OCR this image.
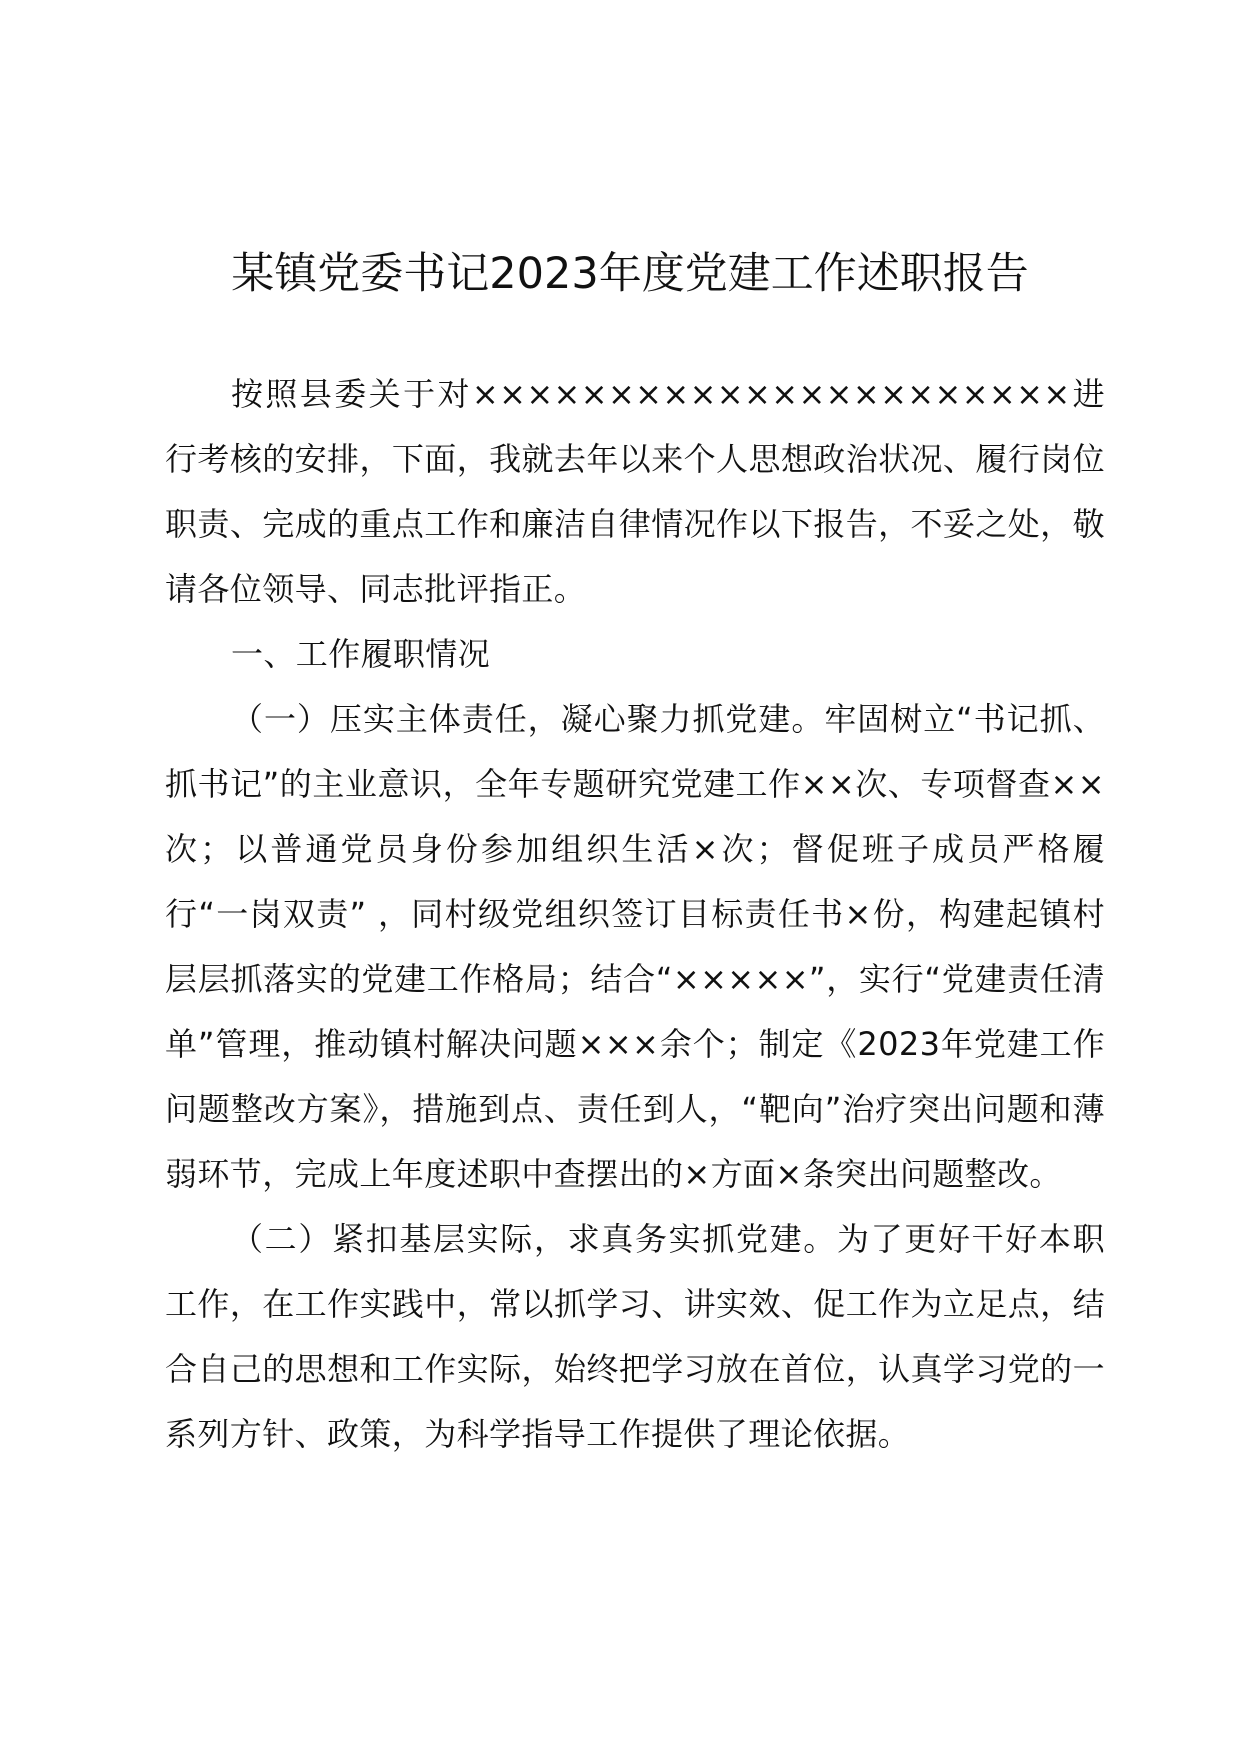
某镇党委书记2023年度党建工作述职报告

按照县委关于对××××××××××××××××××××××进行考核的安排，下面，我就去年以来个人思想政治状况、履行岗位职责、完成的重点工作和廉洁自律情况作以下报告，不妥之处，敬请各位领导、同志批评指正。

一、工作履职情况

（一）压实主体责任，凝心聚力抓党建。牢固树立“书记抓、抓书记”的主业意识，全年专题研究党建工作××次、专项督查××次；以普通党员身份参加组织生活×次；督促班子成员严格履行“一岗双责” ，同村级党组织签订目标责任书×份，构建起镇村层层抓落实的党建工作格局；结合“×××××”，实行“党建责任清单”管理，推动镇村解决问题×××余个；制定《2023年党建工作问题整改方案》，措施到点、责任到人，“靶向”治疗突出问题和薄弱环节，完成上年度述职中查摆出的×方面×条突出问题整改。

（二）紧扣基层实际，求真务实抓党建。为了更好干好本职工作，在工作实践中，常以抓学习、讲实效、促工作为立足点，结合自己的思想和工作实际，始终把学习放在首位，认真学习党的一系列方针、政策，为科学指导工作提供了理论依据。
